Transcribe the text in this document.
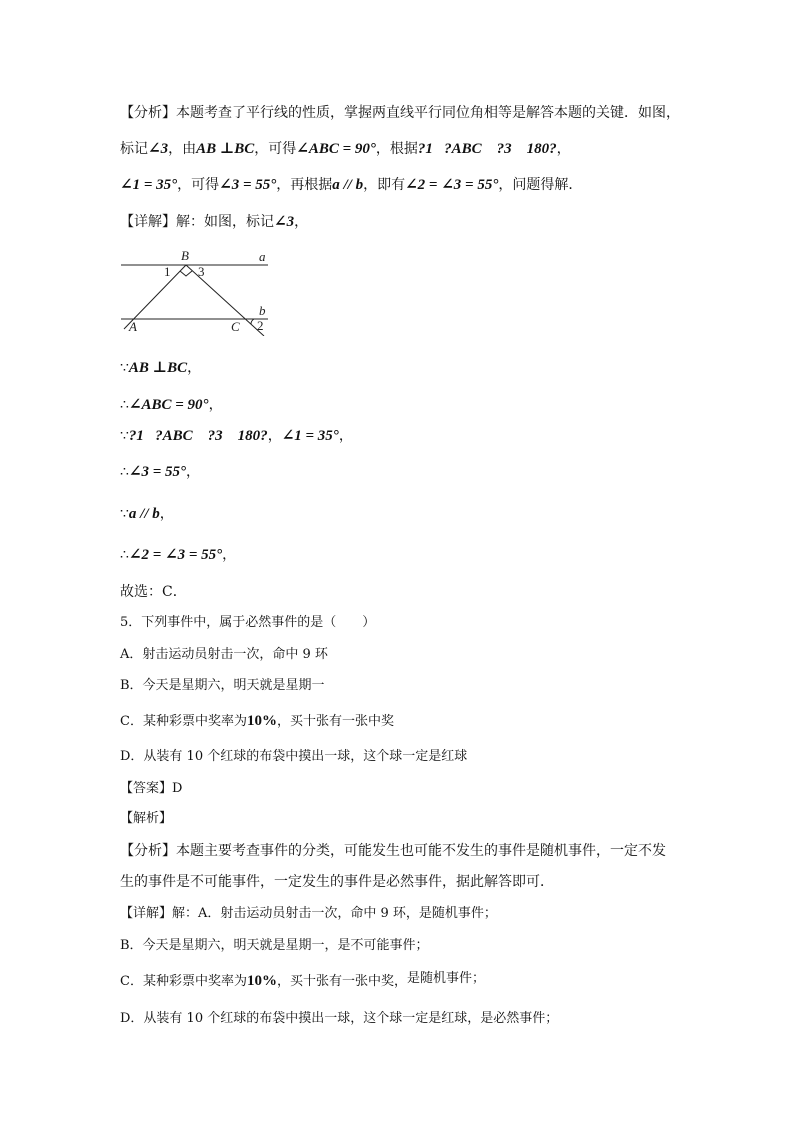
【分析】本题考查了平行线的性质，掌握两直线平行同位角相等是解答本题的关键．如图，
标记∠3，由AB ⊥BC，可得∠ABC = 90°，根据?1   ?ABC    ?3    180?，
∠1 = 35°，可得∠3 = 55°，再根据a // b，即有∠2 = ∠3 = 55°，问题得解．
【详解】解：如图，标记∠3，
B	a
1 3
b
A	C 2
∵AB ⊥BC，
∴∠ABC = 90°，
∵?1   ?ABC    ?3    180?，∠1 = 35°，
∴∠3 = 55°，
∵a // b，
∴∠2 = ∠3 = 55°，
故选：C．
5．下列事件中，属于必然事件的是（　　）
A．射击运动员射击一次，命中 9 环
B．今天是星期六，明天就是星期一
C．某种彩票中奖率为10%，买十张有一张中奖
D．从装有 10 个红球的布袋中摸出一球，这个球一定是红球
【答案】D
【解析】
【分析】本题主要考查事件的分类，可能发生也可能不发生的事件是随机事件，一定不发
生的事件是不可能事件，一定发生的事件是必然事件，据此解答即可．
【详解】解：A．射击运动员射击一次，命中 9 环，是随机事件；
B．今天是星期六，明天就是星期一，是不可能事件；
C．某种彩票中奖率为10%，买十张有一张中奖，是随机事件；
D．从装有 10 个红球的布袋中摸出一球，这个球一定是红球，是必然事件；
